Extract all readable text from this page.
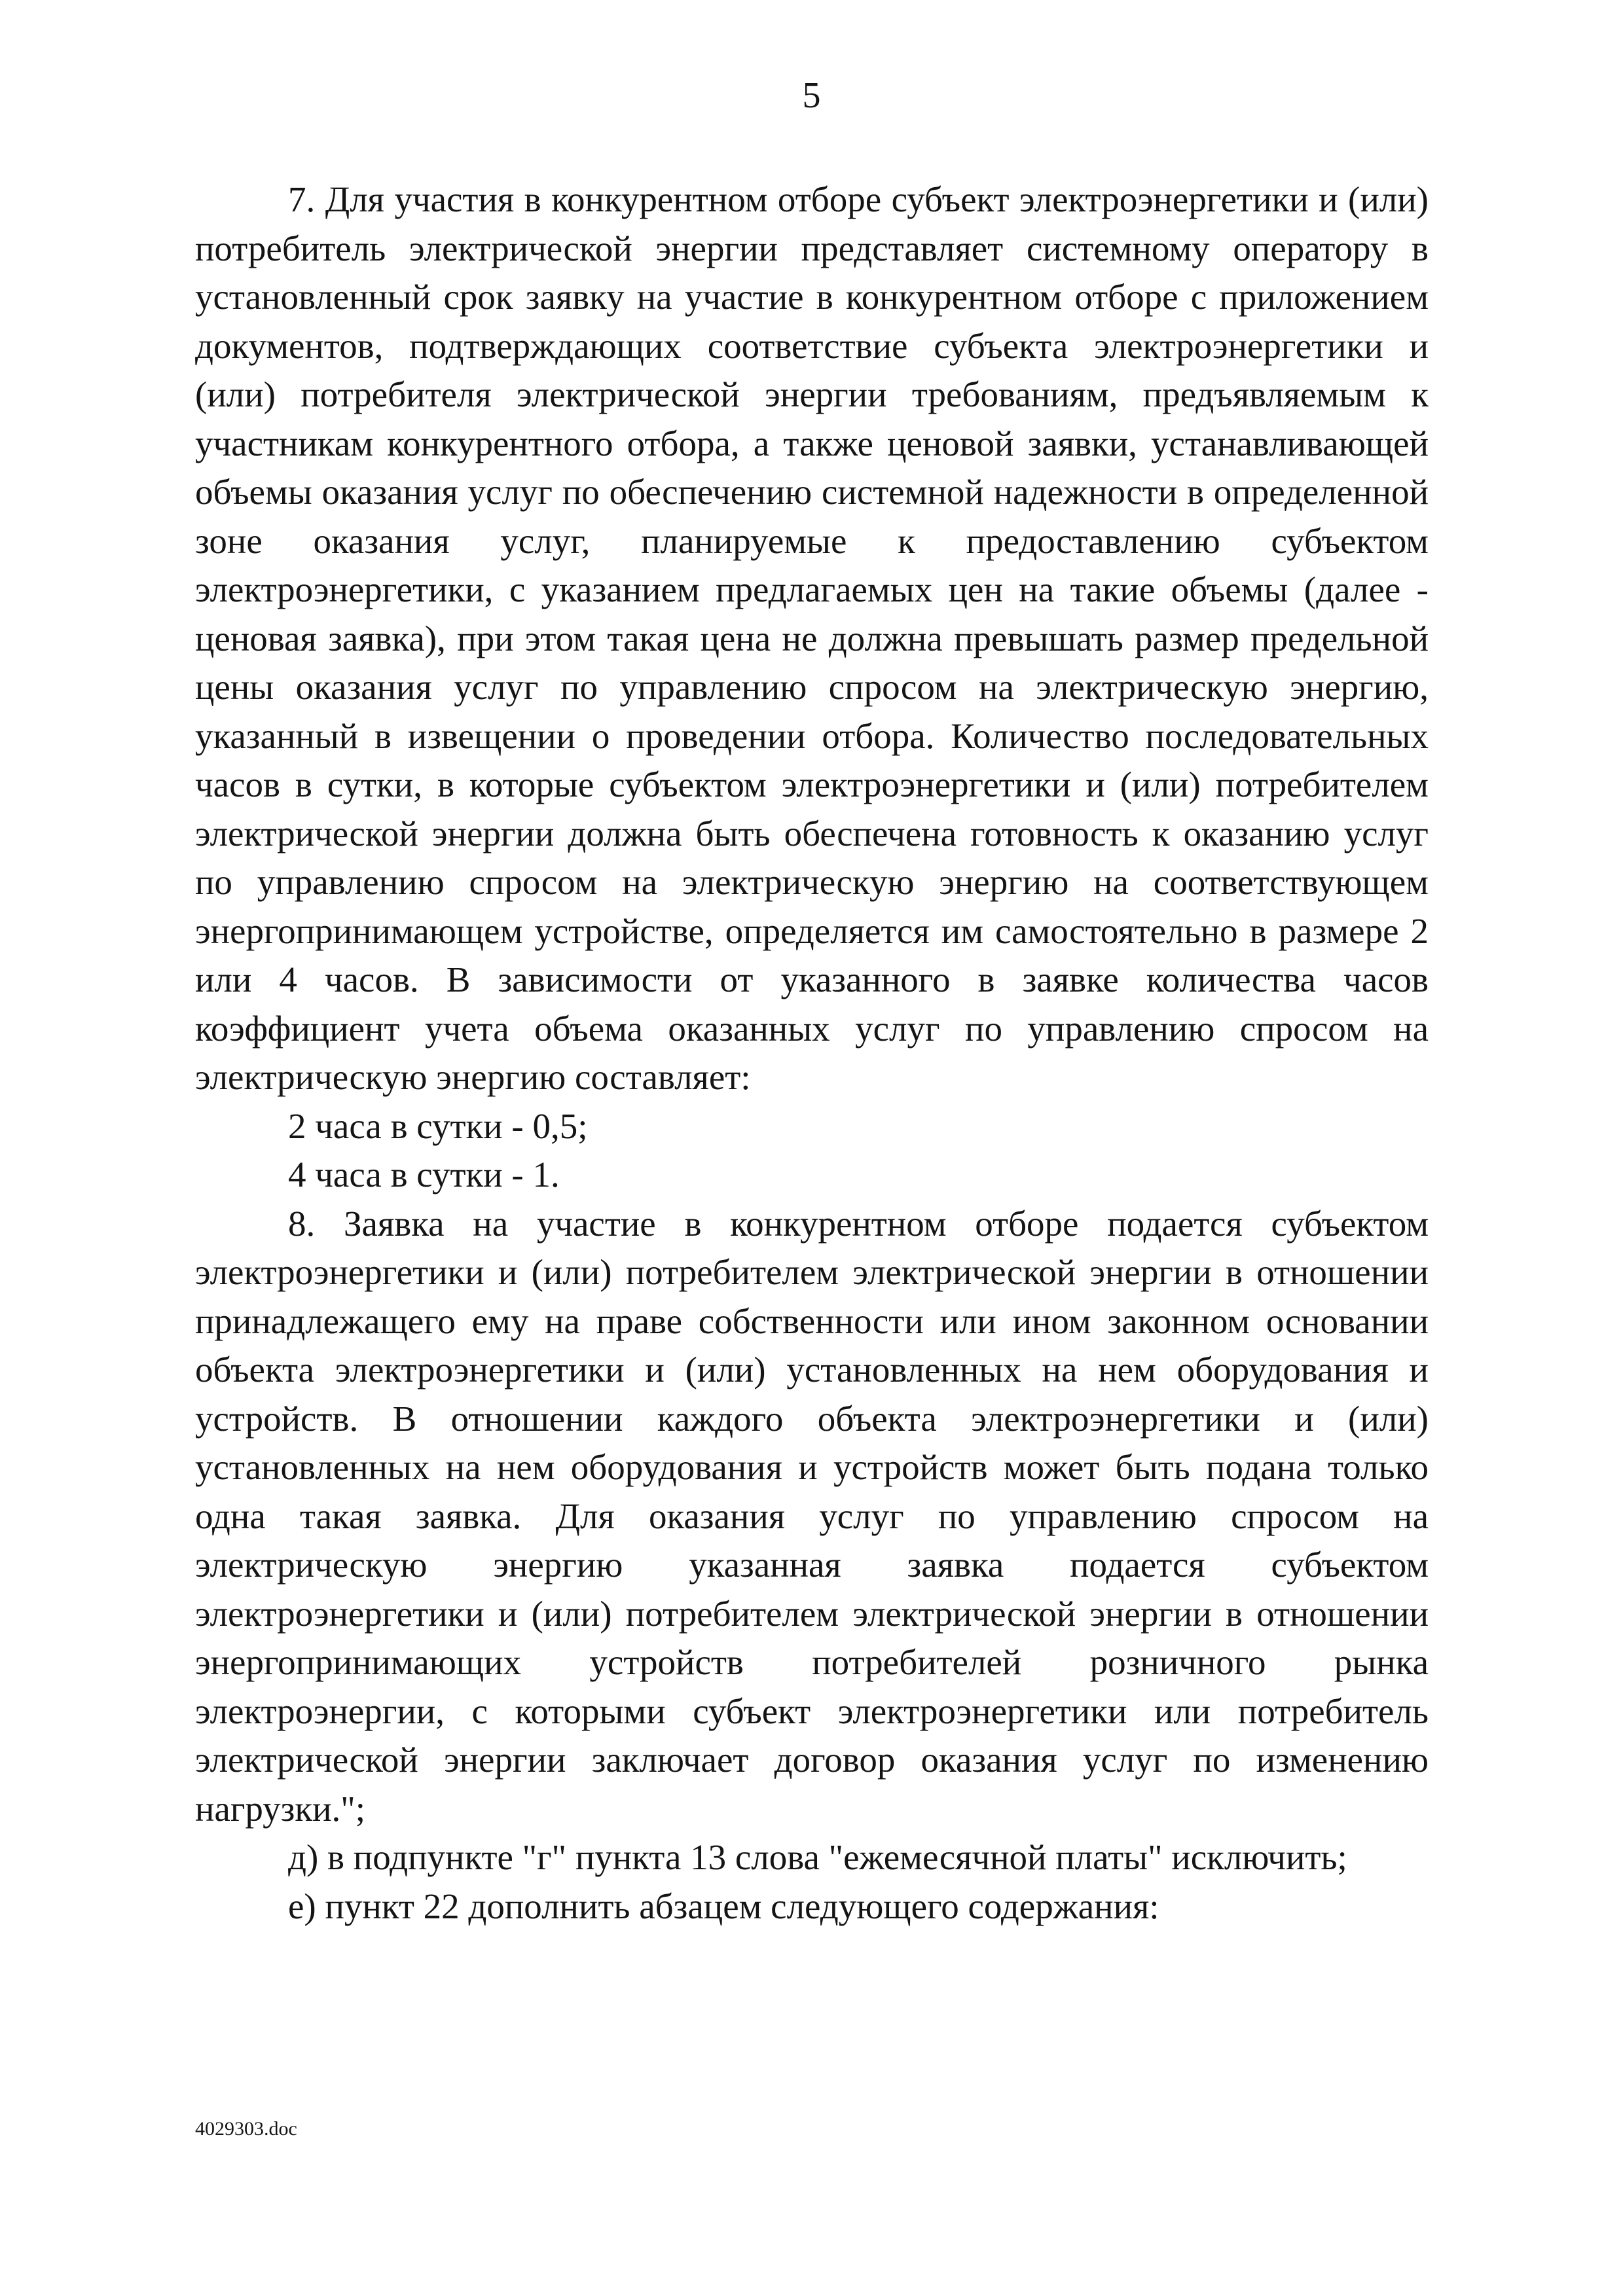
5

7. Для участия в конкурентном отборе субъект электроэнергетики и (или) потребитель электрической энергии представляет системному оператору в установленный срок заявку на участие в конкурентном отборе с приложением документов, подтверждающих соответствие субъекта электроэнергетики и (или) потребителя электрической энергии требованиям, предъявляемым к участникам конкурентного отбора, а также ценовой заявки, устанавливающей объемы оказания услуг по обеспечению системной надежности в определенной зоне оказания услуг, планируемые к предоставлению субъектом электроэнергетики, с указанием предлагаемых цен на такие объемы (далее - ценовая заявка), при этом такая цена не должна превышать размер предельной цены оказания услуг по управлению спросом на электрическую энергию, указанный в извещении о проведении отбора. Количество последовательных часов в сутки, в которые субъектом электроэнергетики и (или) потребителем электрической энергии должна быть обеспечена готовность к оказанию услуг по управлению спросом на электрическую энергию на соответствующем энергопринимающем устройстве, определяется им самостоятельно в размере 2 или 4 часов. В зависимости от указанного в заявке количества часов коэффициент учета объема оказанных услуг по управлению спросом на электрическую энергию составляет:

2 часа в сутки - 0,5;

4 часа в сутки - 1.

8. Заявка на участие в конкурентном отборе подается субъектом электроэнергетики и (или) потребителем электрической энергии в отношении принадлежащего ему на праве собственности или ином законном основании объекта электроэнергетики и (или) установленных на нем оборудования и устройств. В отношении каждого объекта электроэнергетики и (или) установленных на нем оборудования и устройств может быть подана только одна такая заявка. Для оказания услуг по управлению спросом на электрическую энергию указанная заявка подается субъектом электроэнергетики и (или) потребителем электрической энергии в отношении энергопринимающих устройств потребителей розничного рынка электроэнергии, с которыми субъект электроэнергетики или потребитель электрической энергии заключает договор оказания услуг по изменению нагрузки.";

д) в подпункте "г" пункта 13 слова "ежемесячной платы" исключить;

е) пункт 22 дополнить абзацем следующего содержания:

4029303.doc
